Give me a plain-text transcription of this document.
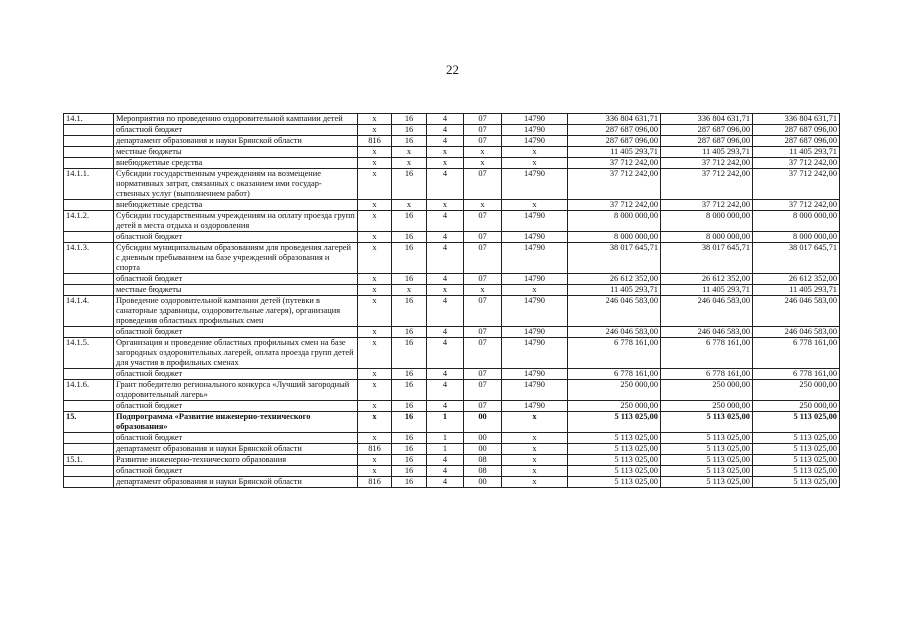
22
14.1.	Мероприятия по проведению оздоровительной кампании детей	х	16	4	07	14790	336 804 631,71	336 804 631,71	336 804 631,71
	областной бюджет	х	16	4	07	14790	287 687 096,00	287 687 096,00	287 687 096,00
	департамент образования и науки Брянской области	816	16	4	07	14790	287 687 096,00	287 687 096,00	287 687 096,00
	местные бюджеты	х	х	х	х	х	11 405 293,71	11 405 293,71	11 405 293,71
	внебюджетные средства	х	х	х	х	х	37 712 242,00	37 712 242,00	37 712 242,00
14.1.1.	Субсидии государственным учреждениям на возмещение нормативных затрат, связанных с оказанием ими государ-ственных услуг (выполнением работ)	х	16	4	07	14790	37 712 242,00	37 712 242,00	37 712 242,00
	внебюджетные средства	х	х	х	х	х	37 712 242,00	37 712 242,00	37 712 242,00
14.1.2.	Субсидии государственным учреждениям на оплату проезда групп детей в места отдыха и оздоровления	х	16	4	07	14790	8 000 000,00	8 000 000,00	8 000 000,00
	областной бюджет	х	16	4	07	14790	8 000 000,00	8 000 000,00	8 000 000,00
14.1.3.	Субсидии муниципальным образованиям для проведения лагерей с дневным пребыванием на базе учреждений образования и спорта	х	16	4	07	14790	38 017 645,71	38 017 645,71	38 017 645,71
	областной бюджет	х	16	4	07	14790	26 612 352,00	26 612 352,00	26 612 352,00
	местные бюджеты	х	х	х	х	х	11 405 293,71	11 405 293,71	11 405 293,71
14.1.4.	Проведение оздоровительной кампании детей (путевки в санаторные здравницы, оздоровительные лагеря), организация проведения областных профильных смен	х	16	4	07	14790	246 046 583,00	246 046 583,00	246 046 583,00
	областной бюджет	х	16	4	07	14790	246 046 583,00	246 046 583,00	246 046 583,00
14.1.5.	Организация и проведение областных профильных смен на базе загородных оздоровительных лагерей, оплата проезда групп детей для участия в профильных сменах	х	16	4	07	14790	6 778 161,00	6 778 161,00	6 778 161,00
	областной бюджет	х	16	4	07	14790	6 778 161,00	6 778 161,00	6 778 161,00
14.1.6.	Грант победителю регионального конкурса «Лучший загородный оздоровительный лагерь»	х	16	4	07	14790	250 000,00	250 000,00	250 000,00
	областной бюджет	х	16	4	07	14790	250 000,00	250 000,00	250 000,00
15.	Подпрограмма «Развитие инженерно-технического образования»	х	16	1	00	х	5 113 025,00	5 113 025,00	5 113 025,00
	областной бюджет	х	16	1	00	х	5 113 025,00	5 113 025,00	5 113 025,00
	департамент образования и науки Брянской области	816	16	1	00	х	5 113 025,00	5 113 025,00	5 113 025,00
15.1.	Развитие инженерно-технического образования	х	16	4	08	х	5 113 025,00	5 113 025,00	5 113 025,00
	областной бюджет	х	16	4	08	х	5 113 025,00	5 113 025,00	5 113 025,00
	департамент образования и науки Брянской области	816	16	4	00	х	5 113 025,00	5 113 025,00	5 113 025,00
